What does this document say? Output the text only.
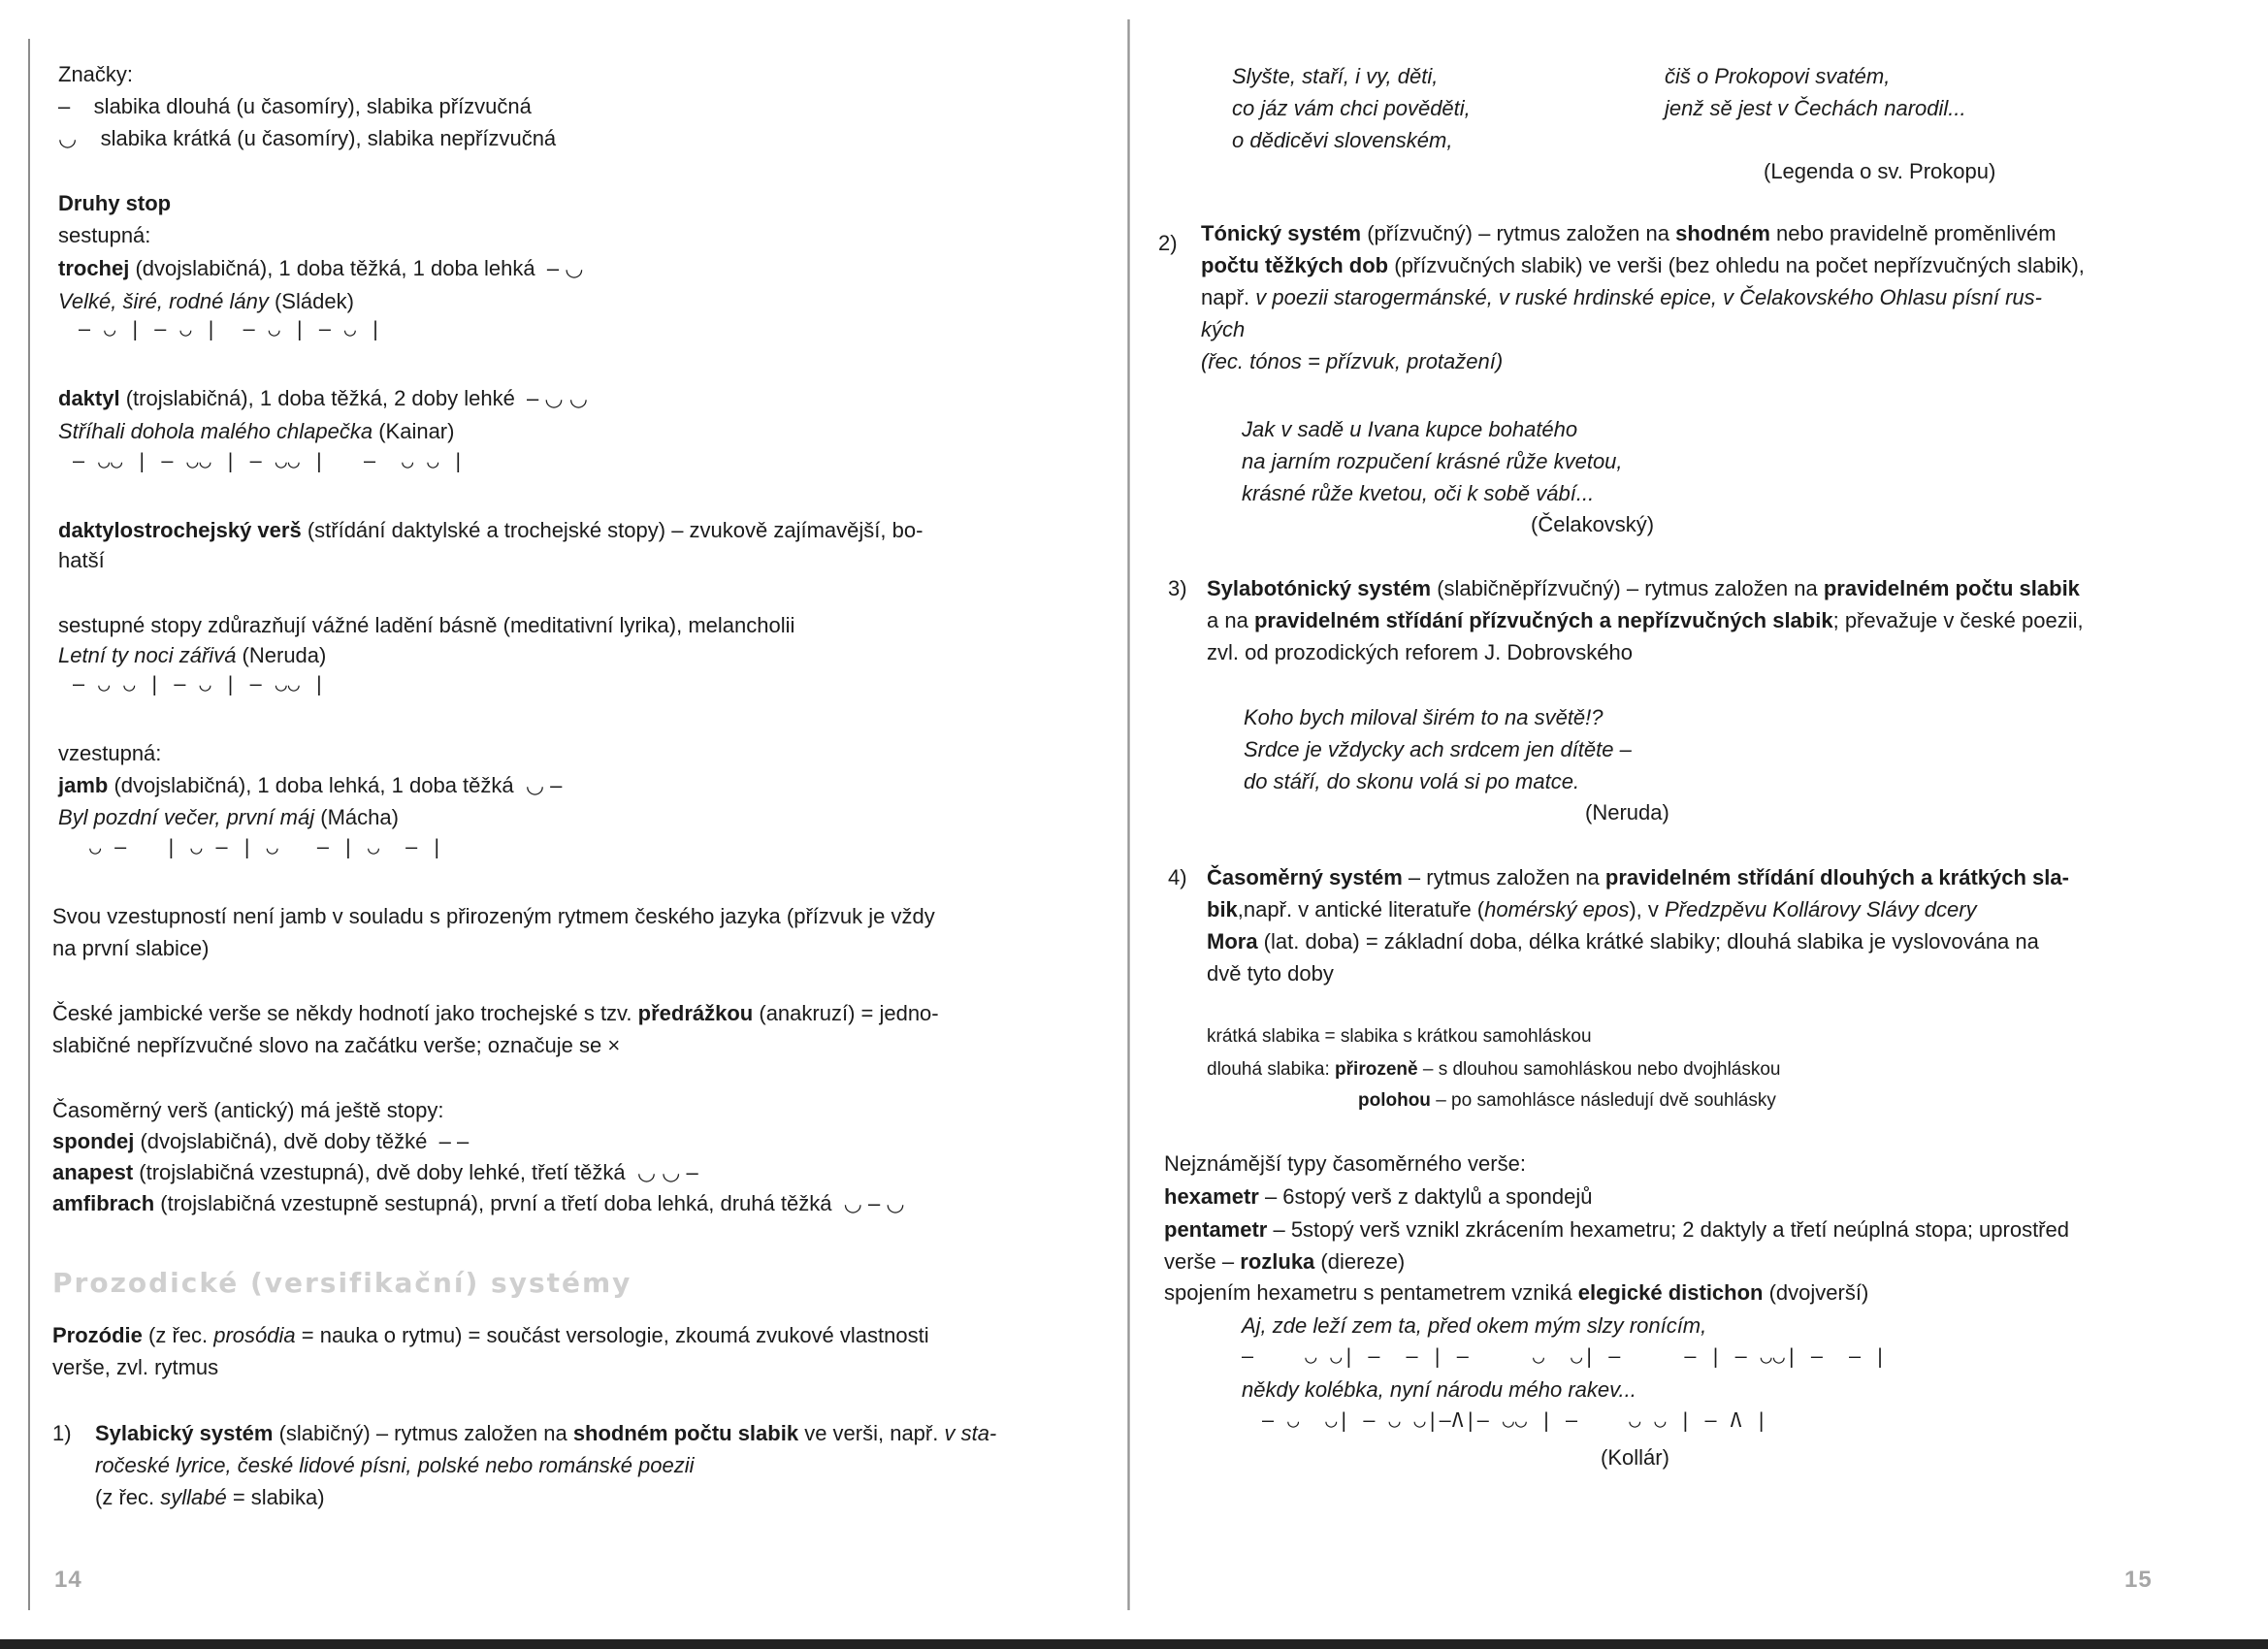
Značky:
–    slabika dlouhá (u časomíry), slabika přízvučná
◡    slabika krátká (u časomíry), slabika nepřízvučná
Druhy stop
sestupná:
trochej (dvojslabičná), 1 doba těžká, 1 doba lehká  – ◡
Velké, širé, rodné lány (Sládek)
– ◡ | – ◡ |  – ◡ | – ◡ |
daktyl (trojslabičná), 1 doba těžká, 2 doby lehké  – ◡ ◡
Stříhali dohola malého chlapečka (Kainar)
– ◡◡ | – ◡◡ | – ◡◡ |   –  ◡ ◡ |
daktylostrochejský verš (střídání daktylské a trochejské stopy) – zvukově zajímavější, bo-
hatší
sestupné stopy zdůrazňují vážné ladění básně (meditativní lyrika), melancholii
Letní ty noci zářivá (Neruda)
– ◡ ◡ | – ◡ | – ◡◡ |
vzestupná:
jamb (dvojslabičná), 1 doba lehká, 1 doba těžká  ◡ –
Byl pozdní večer, první máj (Mácha)
◡ –   | ◡ – | ◡   – | ◡  – |
Svou vzestupností není jamb v souladu s přirozeným rytmem českého jazyka (přízvuk je vždy
na první slabice)
České jambické verše se někdy hodnotí jako trochejské s tzv. předrážkou (anakruzí) = jedno-
slabičné nepřízvučné slovo na začátku verše; označuje se ×
Časoměrný verš (antický) má ještě stopy:
spondej (dvojslabičná), dvě doby těžké  – –
anapest (trojslabičná vzestupná), dvě doby lehké, třetí těžká  ◡ ◡ –
amfibrach (trojslabičná vzestupně sestupná), první a třetí doba lehká, druhá těžká  ◡ – ◡
Prozodické (versifikační) systémy
Prozódie (z řec. prosódia = nauka o rytmu) = součást versologie, zkoumá zvukové vlastnosti
verše, zvl. rytmus
1) Sylabický systém (slabičný) – rytmus založen na shodném počtu slabik ve verši, např. v sta-
ročeské lyrice, české lidové písni, polské nebo románské poezii
(z řec. syllabé = slabika)
14
Slyšte, staří, i vy, děti,
co jáz vám chci pověděti,
o dědicěvi slovenském,
čiš o Prokopovi svatém,
jenž sě jest v Čechách narodil...
(Legenda o sv. Prokopu)
2) Tónický systém (přízvučný) – rytmus založen na shodném nebo pravidelně proměnlivém
počtu těžkých dob (přízvučných slabik) ve verši (bez ohledu na počet nepřízvučných slabik),
např. v poezii starogermánské, v ruské hrdinské epice, v Čelakovského Ohlasu písní rus-
kých
(řec. tónos = přízvuk, protažení)
Jak v sadě u Ivana kupce bohatého
na jarním rozpučení krásné růže kvetou,
krásné růže kvetou, oči k sobě vábí...
(Čelakovský)
3) Sylabotónický systém (slabičněpřízvučný) – rytmus založen na pravidelném počtu slabik
a na pravidelném střídání přízvučných a nepřízvučných slabik; převažuje v české poezii,
zvl. od prozodických reforem J. Dobrovského
Koho bych miloval širém to na světě!?
Srdce je vždycky ach srdcem jen dítěte –
do stáří, do skonu volá si po matce.
(Neruda)
4) Časoměrný systém – rytmus založen na pravidelném střídání dlouhých a krátkých sla-
bik,např. v antické literatuře (homérský epos), v Předzpěvu Kollárovy Slávy dcery
Mora (lat. doba) = základní doba, délka krátké slabiky; dlouhá slabika je vyslovována na
dvě tyto doby
krátká slabika = slabika s krátkou samohláskou
dlouhá slabika: přirozeně – s dlouhou samohláskou nebo dvojhláskou
polohou – po samohlásce následují dvě souhlásky
Nejznámější typy časoměrného verše:
hexametr – 6stopý verš z daktylů a spondejů
pentametr – 5stopý verš vznikl zkrácením hexametru; 2 daktyly a třetí neúplná stopa; uprostřed
verše – rozluka (diereze)
spojením hexametru s pentametrem vzniká elegické distichon (dvojverší)
Aj, zde leží zem ta, před okem mým slzy ronícím,
–    ◡ ◡| –  – | –     ◡  ◡| –     – | – ◡◡| –  – |
někdy kolébka, nyní národu mého rakev...
– ◡  ◡| – ◡ ◡|–Λ|– ◡◡ | –    ◡ ◡ | – Λ |
(Kollár)
15
